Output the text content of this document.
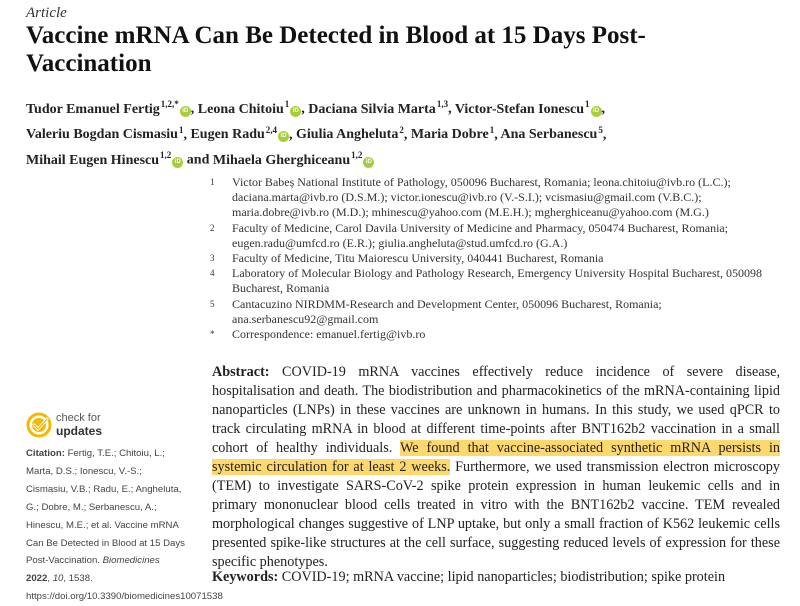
Article
Vaccine mRNA Can Be Detected in Blood at 15 Days Post-Vaccination
Tudor Emanuel Fertig$^{1,2,*}$iD , Leona Chitoiu$^1$iD , Daciana Silvia Marta$^{1,3}$, Victor-Stefan Ionescu$^1$iD , Valeriu Bogdan Cismasiu$^1$, Eugen Radu$^{2,4}$iD , Giulia Angheluta$^2$, Maria Dobre$^1$, Ana Serbanescu$^5$, Mihail Eugen Hinescu$^{1,2}$iD and Mihaela Gherghiceanu$^{1,2}$iD
1	Victor Babeș National Institute of Pathology, 050096 Bucharest, Romania; leona.chitoiu@ivb.ro (L.C.); daciana.marta@ivb.ro (D.S.M.); victor.ionescu@ivb.ro (V.-S.I.); vcismasiu@gmail.com (V.B.C.); maria.dobre@ivb.ro (M.D.); mhinescu@yahoo.com (M.E.H.); mgherghiceanu@yahoo.com (M.G.)
2	Faculty of Medicine, Carol Davila University of Medicine and Pharmacy, 050474 Bucharest, Romania; eugen.radu@umfcd.ro (E.R.); giulia.angheluta@stud.umfcd.ro (G.A.)
3	Faculty of Medicine, Titu Maiorescu University, 040441 Bucharest, Romania
4	Laboratory of Molecular Biology and Pathology Research, Emergency University Hospital Bucharest, 050098 Bucharest, Romania
5	Cantacuzino NIRDMM-Research and Development Center, 050096 Bucharest, Romania; ana.serbanescu92@gmail.com
*	Correspondence: emanuel.fertig@ivb.ro
Abstract: COVID-19 mRNA vaccines effectively reduce incidence of severe disease, hospitalisation and death. The biodistribution and pharmacokinetics of the mRNA-containing lipid nanoparticles (LNPs) in these vaccines are unknown in humans. In this study, we used qPCR to track circulating mRNA in blood at different time-points after BNT162b2 vaccination in a small cohort of healthy individuals. We found that vaccine-associated synthetic mRNA persists in systemic circulation for at least 2 weeks. Furthermore, we used transmission electron microscopy (TEM) to investigate SARS-CoV-2 spike protein expression in human leukemic cells and in primary mononuclear blood cells treated in vitro with the BNT162b2 vaccine. TEM revealed morphological changes suggestive of LNP uptake, but only a small fraction of K562 leukemic cells presented spike-like structures at the cell surface, suggesting reduced levels of expression for these specific phenotypes.
Keywords: COVID-19; mRNA vaccine; lipid nanoparticles; biodistribution; spike protein
check for
updates
Citation: Fertig, T.E.; Chitoiu, L.; Marta, D.S.; Ionescu, V.-S.; Cismasiu, V.B.; Radu, E.; Angheluta, G.; Dobre, M.; Serbanescu, A.; Hinescu, M.E.; et al. Vaccine mRNA Can Be Detected in Blood at 15 Days Post-Vaccination. Biomedicines 2022, 10, 1538. https://doi.org/10.3390/biomedicines10071538
